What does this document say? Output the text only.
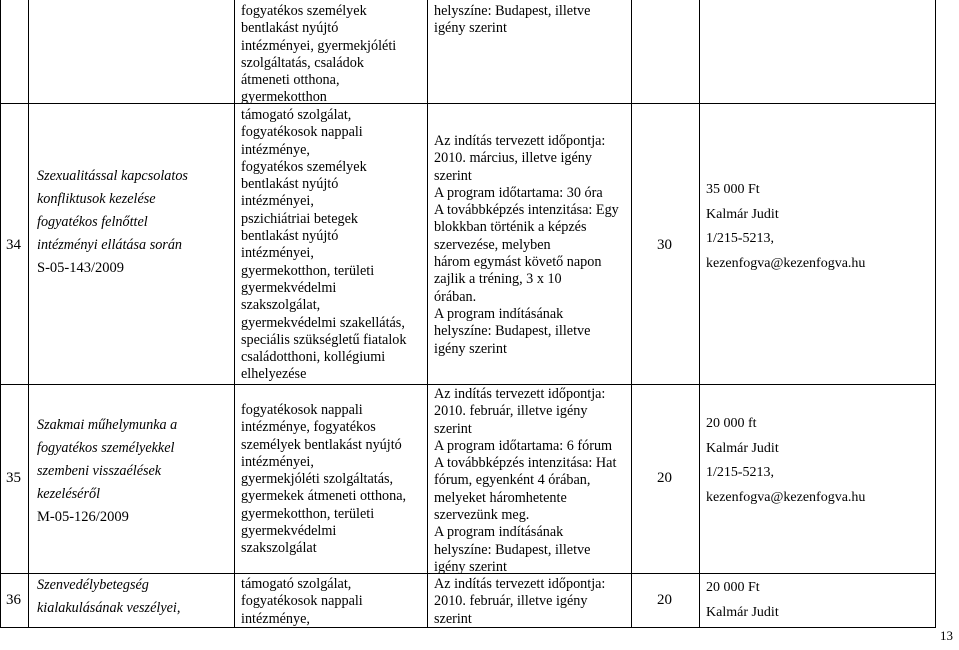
fogyatékos személyek
bentlakást nyújtó
intézményei, gyermekjóléti
szolgáltatás, családok
átmeneti otthona,
gyermekotthon
helyszíne: Budapest, illetve
igény szerint
34
Szexualitással kapcsolatos
konfliktusok kezelése
fogyatékos felnőttel
intézményi ellátása során
S-05-143/2009
támogató szolgálat,
fogyatékosok nappali
intézménye,
fogyatékos személyek
bentlakást nyújtó
intézményei,
pszichiátriai betegek
bentlakást nyújtó
intézményei,
gyermekotthon, területi
gyermekvédelmi
szakszolgálat,
gyermekvédelmi szakellátás,
speciális szükségletű fiatalok
családotthoni, kollégiumi
elhelyezése
Az indítás tervezett időpontja:
2010. március, illetve igény
szerint
A program időtartama: 30 óra
A továbbképzés intenzitása: Egy
blokkban történik a képzés
szervezése, melyben
három egymást követő napon
zajlik a tréning, 3 x 10
órában.
A program indításának
helyszíne: Budapest, illetve
igény szerint
30
35 000 Ft
Kalmár Judit
1/215-5213,
kezenfogva@kezenfogva.hu
35
Szakmai műhelymunka a
fogyatékos személyekkel
szembeni visszaélések
kezeléséről
M-05-126/2009
fogyatékosok nappali
intézménye, fogyatékos
személyek bentlakást nyújtó
intézményei,
gyermekjóléti szolgáltatás,
gyermekek átmeneti otthona,
gyermekotthon, területi
gyermekvédelmi
szakszolgálat
Az indítás tervezett időpontja:
2010. február, illetve igény
szerint
A program időtartama: 6 fórum
A továbbképzés intenzitása: Hat
fórum, egyenként 4 órában,
melyeket háromhetente
szervezünk meg.
A program indításának
helyszíne: Budapest, illetve
igény szerint
20
20 000 ft
Kalmár Judit
1/215-5213,
kezenfogva@kezenfogva.hu
36
Szenvedélybetegség
kialakulásának veszélyei,
támogató szolgálat,
fogyatékosok nappali
intézménye,
Az indítás tervezett időpontja:
2010. február, illetve igény
szerint
20
20 000 Ft
Kalmár Judit
13
